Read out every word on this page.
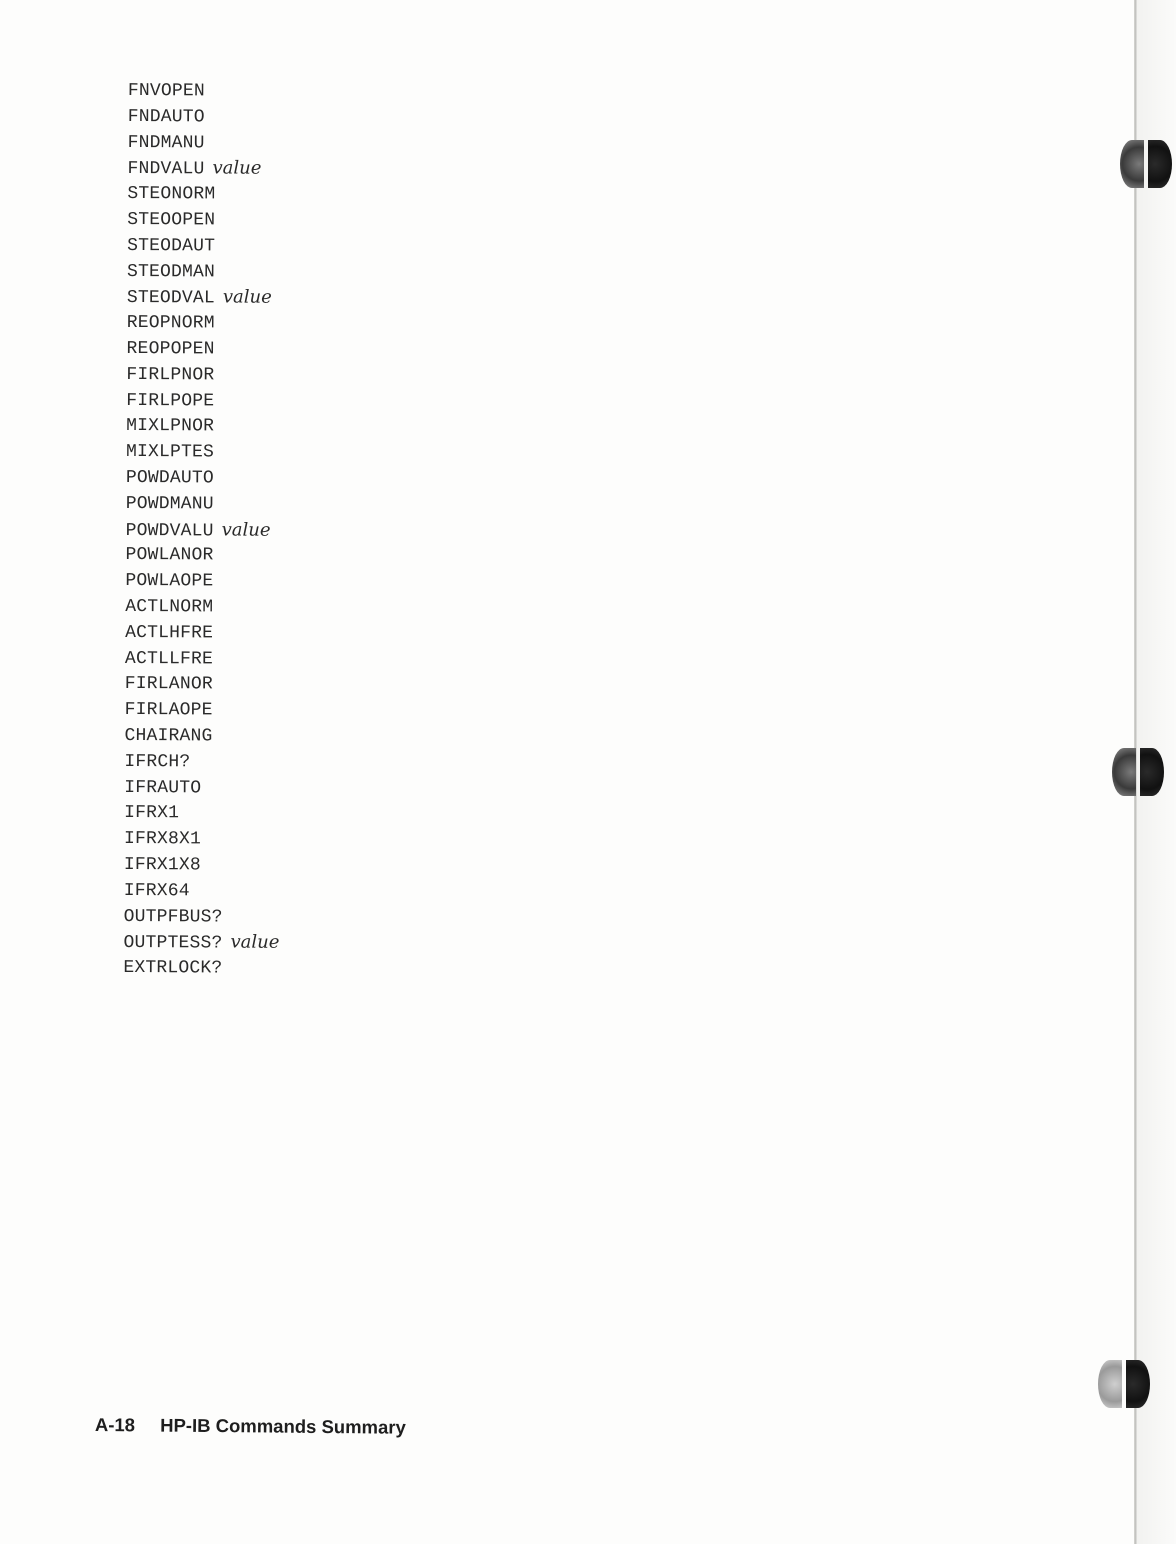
FNVOPEN
FNDAUTO
FNDMANU
FNDVALU value
STEONORM
STEOOPEN
STEODAUT
STEODMAN
STEODVAL value
REOPNORM
REOPOPEN
FIRLPNOR
FIRLPOPE
MIXLPNOR
MIXLPTES
POWDAUTO
POWDMANU
POWDVALU value
POWLANOR
POWLAOPE
ACTLNORM
ACTLHFRE
ACTLLFRE
FIRLANOR
FIRLAOPE
CHAIRANG
IFRCH?
IFRAUTO
IFRX1
IFRX8X1
IFRX1X8
IFRX64
OUTPFBUS?
OUTPTESS? value
EXTRLOCK?
A-18 HP-IB Commands Summary
